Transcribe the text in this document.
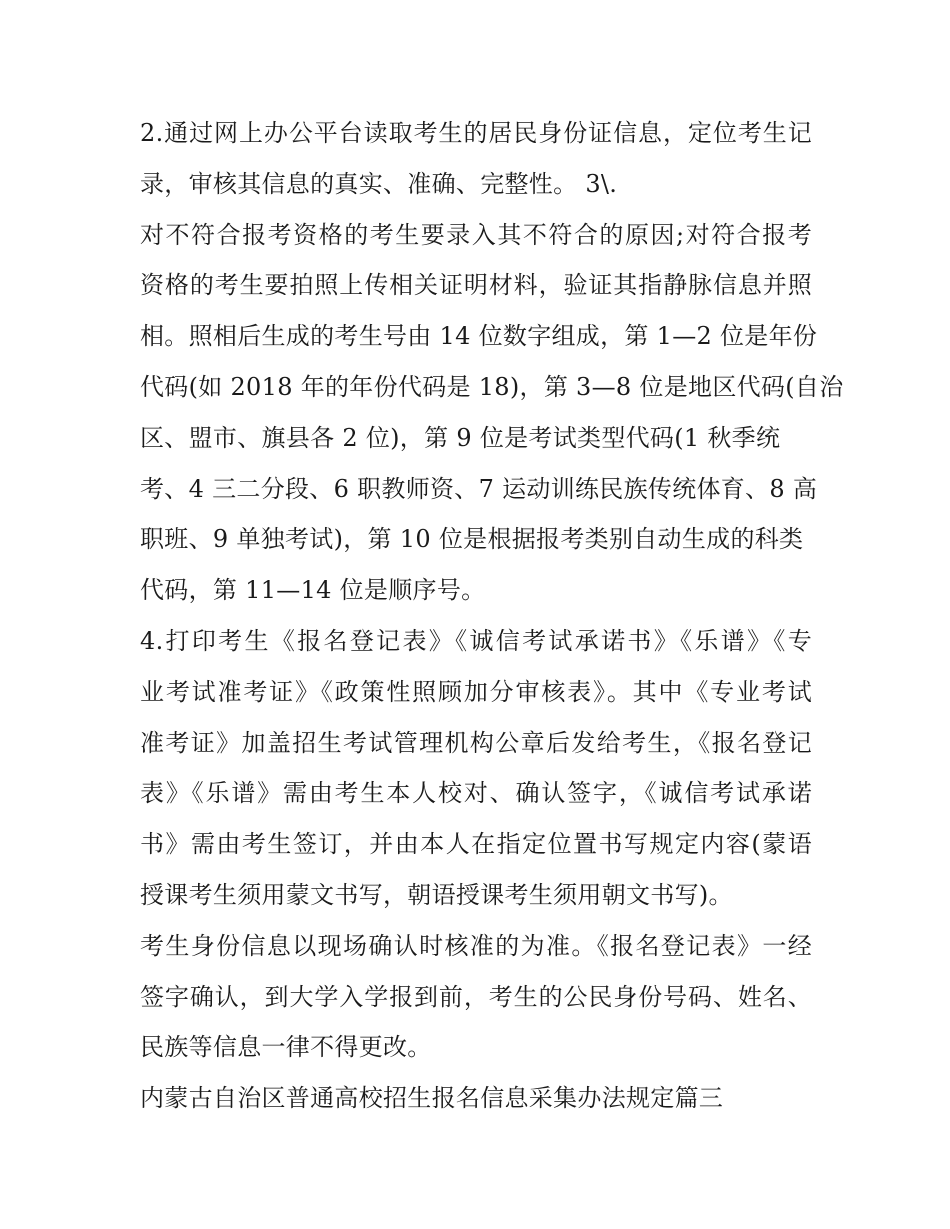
2.通过网上办公平台读取考生的居民身份证信息，定位考生记
录，审核其信息的真实、准确、完整性。 3\.
对不符合报考资格的考生要录入其不符合的原因;对符合报考
资格的考生要拍照上传相关证明材料，验证其指静脉信息并照
相。照相后生成的考生号由 14 位数字组成，第 1—2 位是年份
代码(如 2018 年的年份代码是 18)，第 3—8 位是地区代码(自治
区、盟市、旗县各 2 位)，第 9 位是考试类型代码(1 秋季统
考、4 三二分段、6 职教师资、7 运动训练民族传统体育、8 高
职班、9 单独考试)，第 10 位是根据报考类别自动生成的科类
代码，第 11—14 位是顺序号。
4.打印考生《报名登记表》《诚信考试承诺书》《乐谱》《专
业考试准考证》《政策性照顾加分审核表》。其中《专业考试
准考证》加盖招生考试管理机构公章后发给考生，《报名登记
表》《乐谱》需由考生本人校对、确认签字，《诚信考试承诺
书》需由考生签订，并由本人在指定位置书写规定内容(蒙语
授课考生须用蒙文书写，朝语授课考生须用朝文书写)。
考生身份信息以现场确认时核准的为准。《报名登记表》一经
签字确认，到大学入学报到前，考生的公民身份号码、姓名、
民族等信息一律不得更改。
内蒙古自治区普通高校招生报名信息采集办法规定篇三
